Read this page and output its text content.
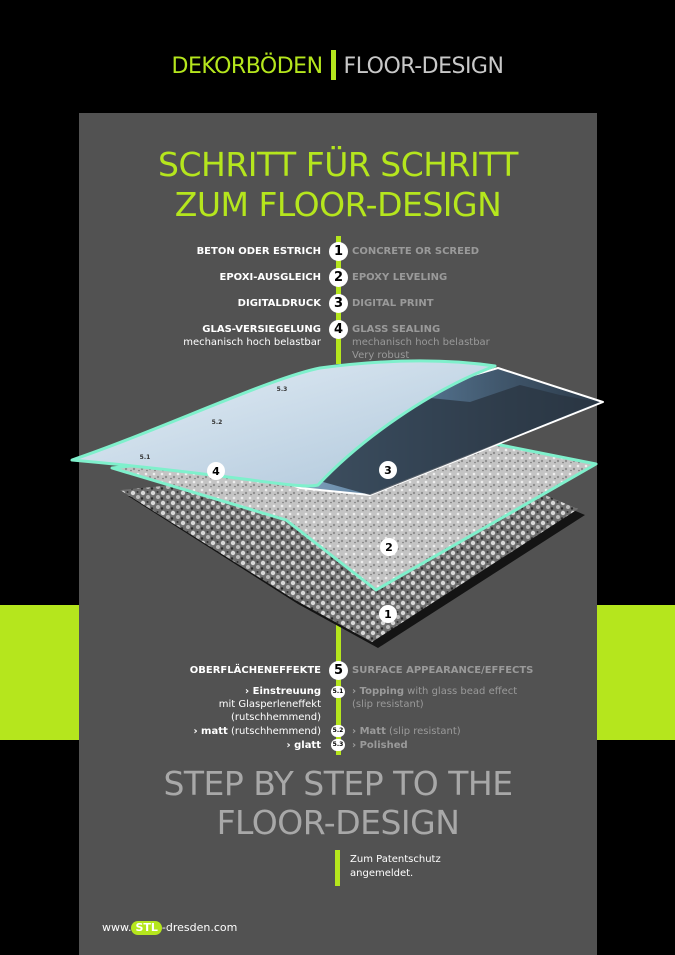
DEKORBÖDEN FLOOR-DESIGN
SCHRITT FÜR SCHRITT
ZUM FLOOR-DESIGN
4	3
2
1
5.3
5.2
5.1
BETON ODER ESTRICH 1 CONCRETE OR SCREED
EPOXI-AUSGLEICH 2 EPOXY LEVELING
DIGITALDRUCK 3 DIGITAL PRINT
GLAS-VERSIEGELUNG
mechanisch hoch belastbar
4 GLASS SEALING
mechanisch hoch belastbar
Very robust
OBERFLÄCHENEFFEKTE 5 SURFACE APPEARANCE/EFFECTS
› Einstreuung
mit Glasperleneffekt
(rutschhemmend)
5.1 › Topping with glass bead effect
(slip resistant)
› matt (rutschhemmend) 5.2 › Matt (slip resistant)
› glatt 5.3 › Polished
STEP BY STEP TO THE
FLOOR-DESIGN
Zum Patentschutz
angemeldet.
www. STL -dresden.com
